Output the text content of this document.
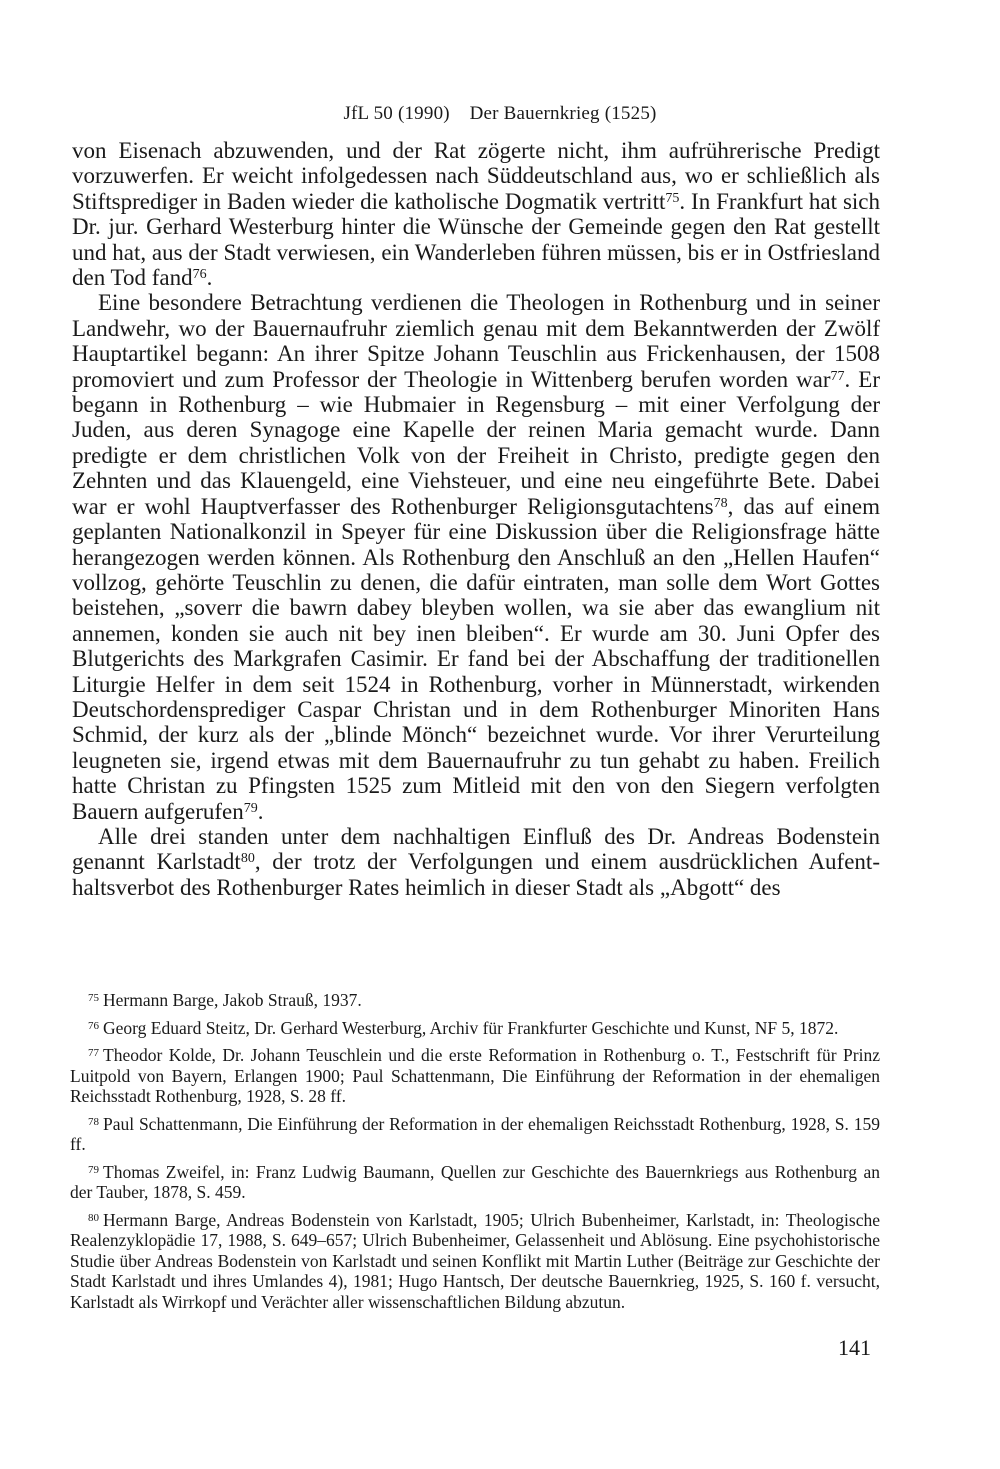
JfL 50 (1990)    Der Bauernkrieg (1525)

von Eisenach abzuwenden, und der Rat zögerte nicht, ihm aufrührerische Predigt vorzuwerfen. Er weicht infolgedessen nach Süddeutschland aus, wo er schließlich als Stiftsprediger in Baden wieder die katholische Dogmatik vertritt$^{75}$. In Frankfurt hat sich Dr. jur. Gerhard Westerburg hinter die Wünsche der Gemeinde gegen den Rat gestellt und hat, aus der Stadt verwiesen, ein Wanderleben führen müssen, bis er in Ostfriesland den Tod fand$^{76}$.

Eine besondere Betrachtung verdienen die Theologen in Rothenburg und in seiner Landwehr, wo der Bauernaufruhr ziemlich genau mit dem Bekanntwerden der Zwölf Hauptartikel begann: An ihrer Spitze Johann Teuschlin aus Frickenhausen, der 1508 promoviert und zum Professor der Theologie in Wittenberg berufen worden war$^{77}$. Er begann in Rothenburg – wie Hubmaier in Regensburg – mit einer Verfolgung der Juden, aus deren Synagoge eine Kapelle der reinen Maria gemacht wurde. Dann predigte er dem christlichen Volk von der Freiheit in Christo, predigte gegen den Zehnten und das Klauengeld, eine Viehsteuer, und eine neu eingeführte Bete. Dabei war er wohl Hauptverfasser des Rothenburger Religionsgutachtens$^{78}$, das auf einem geplanten Nationalkonzil in Speyer für eine Diskussion über die Religionsfrage hätte herangezogen werden können. Als Rothenburg den Anschluß an den „Hellen Haufen“ vollzog, gehörte Teuschlin zu denen, die dafür eintraten, man solle dem Wort Gottes beistehen, „soverr die bawrn dabey bleyben wollen, wa sie aber das ewanglium nit annemen, konden sie auch nit bey inen bleiben“. Er wurde am 30. Juni Opfer des Blutgerichts des Markgrafen Casimir. Er fand bei der Abschaffung der traditionellen Liturgie Helfer in dem seit 1524 in Rothenburg, vorher in Münnerstadt, wirkenden Deutschordensprediger Caspar Christan und in dem Rothenburger Minoriten Hans Schmid, der kurz als der „blinde Mönch“ bezeichnet wurde. Vor ihrer Verurteilung leugneten sie, irgend etwas mit dem Bauernaufruhr zu tun gehabt zu haben. Freilich hatte Christan zu Pfingsten 1525 zum Mitleid mit den von den Siegern verfolgten Bauern aufgerufen$^{79}$.

Alle drei standen unter dem nachhaltigen Einfluß des Dr. Andreas Bodenstein genannt Karlstadt$^{80}$, der trotz der Verfolgungen und einem ausdrücklichen Aufenthaltsverbot des Rothenburger Rates heimlich in dieser Stadt als „Abgott“ des

$^{75}$ Hermann Barge, Jakob Strauß, 1937.

$^{76}$ Georg Eduard Steitz, Dr. Gerhard Westerburg, Archiv für Frankfurter Geschichte und Kunst, NF 5, 1872.

$^{77}$ Theodor Kolde, Dr. Johann Teuschlein und die erste Reformation in Rothenburg o. T., Festschrift für Prinz Luitpold von Bayern, Erlangen 1900; Paul Schattenmann, Die Einführung der Reformation in der ehemaligen Reichsstadt Rothenburg, 1928, S. 28 ff.

$^{78}$ Paul Schattenmann, Die Einführung der Reformation in der ehemaligen Reichsstadt Rothenburg, 1928, S. 159 ff.

$^{79}$ Thomas Zweifel, in: Franz Ludwig Baumann, Quellen zur Geschichte des Bauernkriegs aus Rothenburg an der Tauber, 1878, S. 459.

$^{80}$ Hermann Barge, Andreas Bodenstein von Karlstadt, 1905; Ulrich Bubenheimer, Karlstadt, in: Theologische Realenzyklopädie 17, 1988, S. 649–657; Ulrich Bubenheimer, Gelassenheit und Ablösung. Eine psychohistorische Studie über Andreas Bodenstein von Karlstadt und seinen Konflikt mit Martin Luther (Beiträge zur Geschichte der Stadt Karlstadt und ihres Umlandes 4), 1981; Hugo Hantsch, Der deutsche Bauernkrieg, 1925, S. 160 f. versucht, Karlstadt als Wirrkopf und Verächter aller wissenschaftlichen Bildung abzutun.

141
